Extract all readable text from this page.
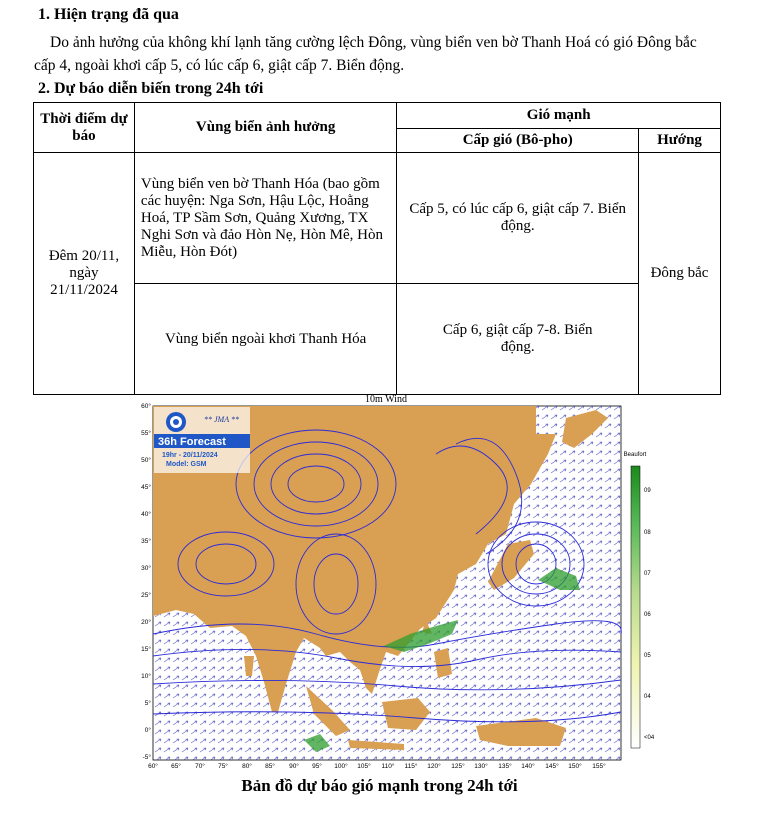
1. Hiện trạng đã qua
Do ảnh hưởng của không khí lạnh tăng cường lệch Đông, vùng biển ven bờ Thanh Hoá có gió Đông bắc cấp 4, ngoài khơi cấp 5, có lúc cấp 6, giật cấp 7. Biển động.
2. Dự báo diễn biến trong 24h tới
Thời điểm dự báo	Vùng biển ảnh hưởng	Gió mạnh	
		Cấp gió (Bô-pho)	Hướng
Đêm 20/11, ngày 21/11/2024	Vùng biển ven bờ Thanh Hóa (bao gồm các huyện: Nga Sơn, Hậu Lộc, Hoằng Hoá, TP Sầm Sơn, Quảng Xương, TX Nghi Sơn và đảo Hòn Nẹ, Hòn Mê, Hòn Miễu, Hòn Đót)	Cấp 5, có lúc cấp 6, giật cấp 7. Biển động.	Đông bắc
	Vùng biển ngoài khơi Thanh Hóa	Cấp 6, giật cấp 7-8. Biển động.	
10m Wind
** JMA **
36h Forecast
19hr - 20/11/2024
Model: GSM
60°
55°
50°
45°
40°
35°
30°
25°
20°
15°
10°
5°
0°
-5°
60° 65° 70° 75° 80° 85° 90° 95° 100° 105° 110° 115° 120° 125° 130° 135° 140° 145° 150° 155°
Beaufort
09
08
07
06
05
04
<04
Bản đồ dự báo gió mạnh trong 24h tới
